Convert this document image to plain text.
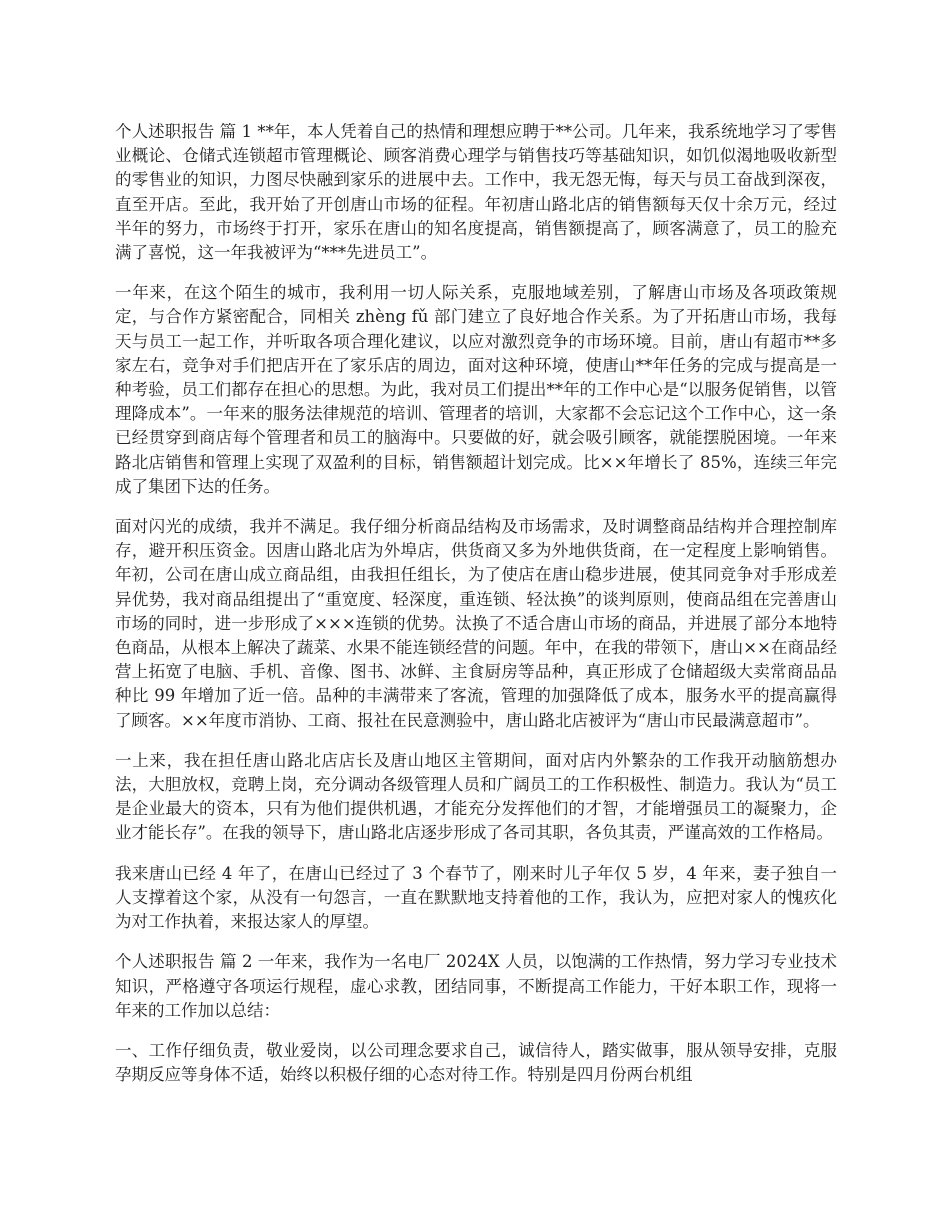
个人述职报告 篇 1 **年，本人凭着自己的热情和理想应聘于**公司。几年来，我系统地学习了零售业概论、仓储式连锁超市管理概论、顾客消费心理学与销售技巧等基础知识，如饥似渴地吸收新型的零售业的知识，力图尽快融到家乐的进展中去。工作中，我无怨无悔，每天与员工奋战到深夜，直至开店。至此，我开始了开创唐山市场的征程。年初唐山路北店的销售额每天仅十余万元，经过半年的努力，市场终于打开，家乐在唐山的知名度提高，销售额提高了，顾客满意了，员工的脸充满了喜悦，这一年我被评为“***先进员工”。

一年来，在这个陌生的城市，我利用一切人际关系，克服地域差别，了解唐山市场及各项政策规定，与合作方紧密配合，同相关 zhèng fǔ 部门建立了良好地合作关系。为了开拓唐山市场，我每天与员工一起工作，并听取各项合理化建议，以应对激烈竞争的市场环境。目前，唐山有超市**多家左右，竞争对手们把店开在了家乐店的周边，面对这种环境，使唐山**年任务的完成与提高是一种考验，员工们都存在担心的思想。为此，我对员工们提出**年的工作中心是“以服务促销售，以管理降成本”。一年来的服务法律规范的培训、管理者的培训，大家都不会忘记这个工作中心，这一条已经贯穿到商店每个管理者和员工的脑海中。只要做的好，就会吸引顾客，就能摆脱困境。一年来路北店销售和管理上实现了双盈利的目标，销售额超计划完成。比××年增长了 85%，连续三年完成了集团下达的任务。

面对闪光的成绩，我并不满足。我仔细分析商品结构及市场需求，及时调整商品结构并合理控制库存，避开积压资金。因唐山路北店为外埠店，供货商又多为外地供货商，在一定程度上影响销售。年初，公司在唐山成立商品组，由我担任组长，为了使店在唐山稳步进展，使其同竞争对手形成差异优势，我对商品组提出了“重宽度、轻深度，重连锁、轻汰换”的谈判原则，使商品组在完善唐山市场的同时，进一步形成了×××连锁的优势。汰换了不适合唐山市场的商品，并进展了部分本地特色商品，从根本上解决了蔬菜、水果不能连锁经营的问题。年中，在我的带领下，唐山××在商品经营上拓宽了电脑、手机、音像、图书、冰鲜、主食厨房等品种，真正形成了仓储超级大卖常商品品种比 99 年增加了近一倍。品种的丰满带来了客流，管理的加强降低了成本，服务水平的提高赢得了顾客。××年度市消协、工商、报社在民意测验中，唐山路北店被评为“唐山市民最满意超市”。

一上来，我在担任唐山路北店店长及唐山地区主管期间，面对店内外繁杂的工作我开动脑筋想办法，大胆放权，竞聘上岗，充分调动各级管理人员和广阔员工的工作积极性、制造力。我认为“员工是企业最大的资本，只有为他们提供机遇，才能充分发挥他们的才智，才能增强员工的凝聚力，企业才能长存”。在我的领导下，唐山路北店逐步形成了各司其职，各负其责，严谨高效的工作格局。

我来唐山已经 4 年了，在唐山已经过了 3 个春节了，刚来时儿子年仅 5 岁，4 年来，妻子独自一人支撑着这个家，从没有一句怨言，一直在默默地支持着他的工作，我认为，应把对家人的愧疚化为对工作执着，来报达家人的厚望。

个人述职报告 篇 2 一年来，我作为一名电厂 2024X 人员，以饱满的工作热情，努力学习专业技术知识，严格遵守各项运行规程，虚心求教，团结同事，不断提高工作能力，干好本职工作，现将一年来的工作加以总结：

一、工作仔细负责，敬业爱岗，以公司理念要求自己，诚信待人，踏实做事，服从领导安排，克服孕期反应等身体不适，始终以积极仔细的心态对待工作。特别是四月份两台机组
